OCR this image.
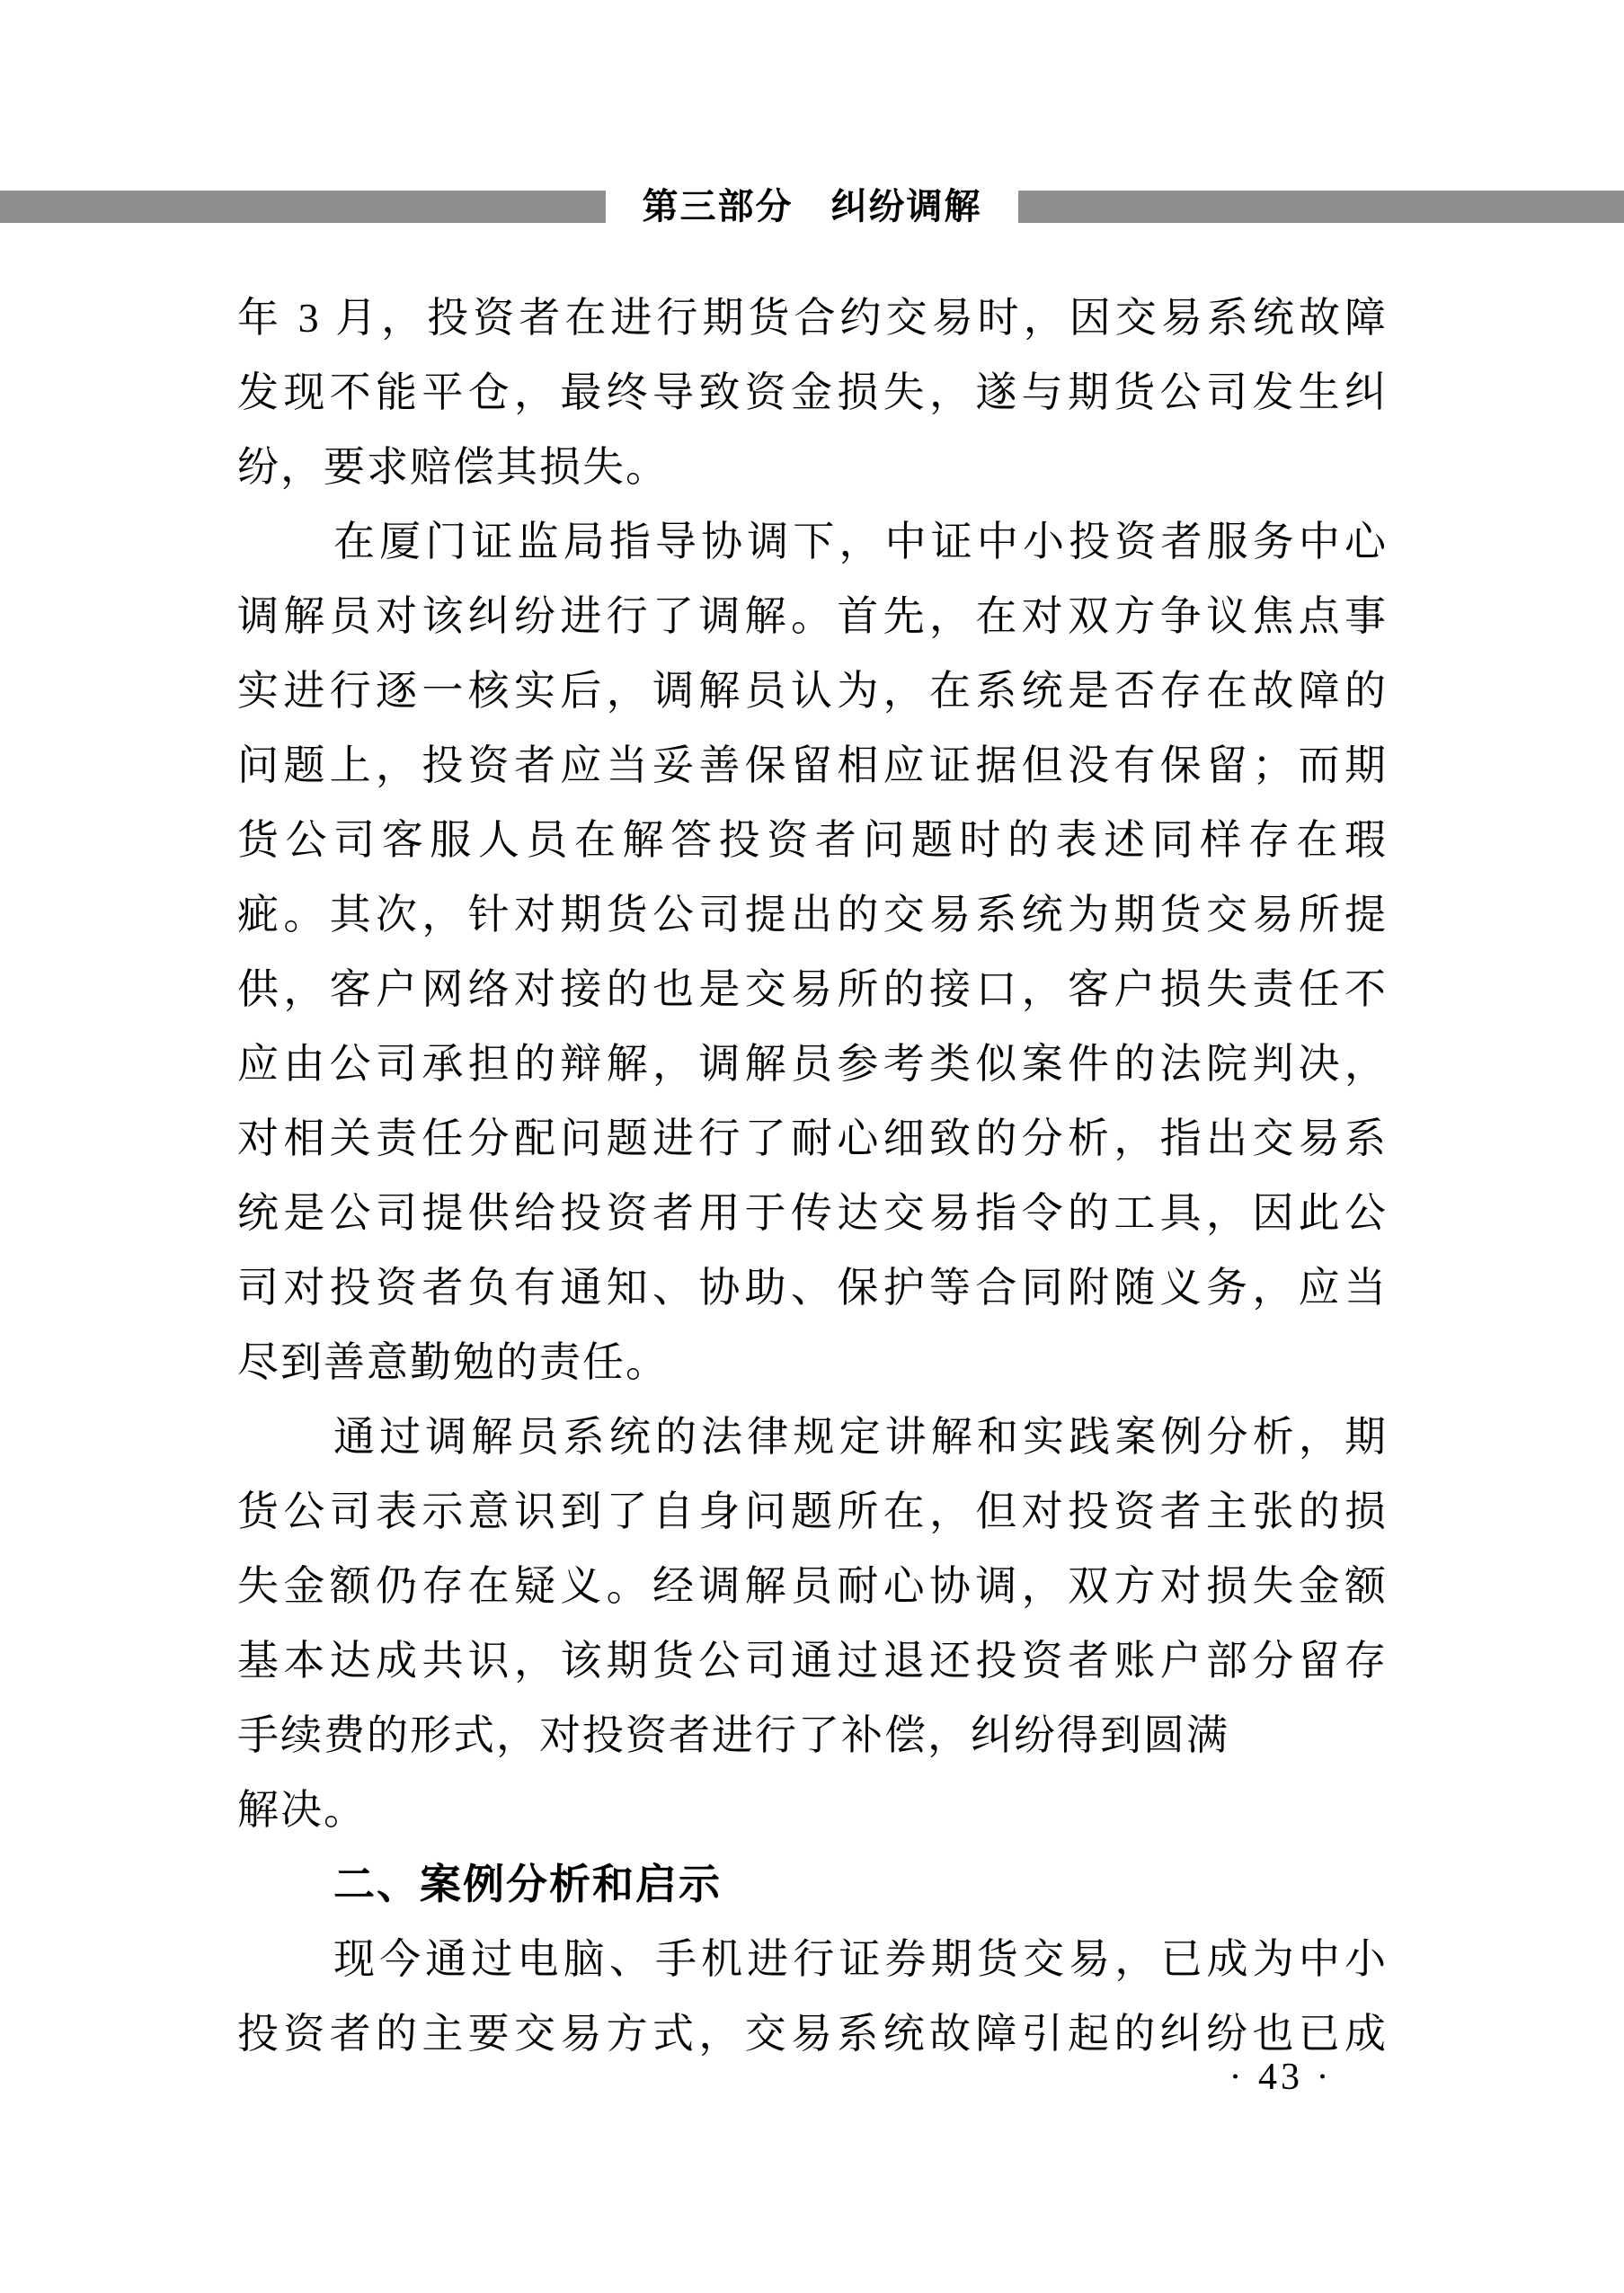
第三部分 纠纷调解
年 3 月，投资者在进行期货合约交易时，因交易系统故障
发现不能平仓，最终导致资金损失，遂与期货公司发生纠
纷，要求赔偿其损失。
在厦门证监局指导协调下，中证中小投资者服务中心
调解员对该纠纷进行了调解。首先，在对双方争议焦点事
实进行逐一核实后，调解员认为，在系统是否存在故障的
问题上，投资者应当妥善保留相应证据但没有保留；而期
货公司客服人员在解答投资者问题时的表述同样存在瑕
疵。其次，针对期货公司提出的交易系统为期货交易所提
供，客户网络对接的也是交易所的接口，客户损失责任不
应由公司承担的辩解，调解员参考类似案件的法院判决，
对相关责任分配问题进行了耐心细致的分析，指出交易系
统是公司提供给投资者用于传达交易指令的工具，因此公
司对投资者负有通知、协助、保护等合同附随义务，应当
尽到善意勤勉的责任。
通过调解员系统的法律规定讲解和实践案例分析，期
货公司表示意识到了自身问题所在，但对投资者主张的损
失金额仍存在疑义。经调解员耐心协调，双方对损失金额
基本达成共识，该期货公司通过退还投资者账户部分留存
手续费的形式，对投资者进行了补偿，纠纷得到圆满
解决。
二、案例分析和启示
现今通过电脑、手机进行证券期货交易，已成为中小
投资者的主要交易方式，交易系统故障引起的纠纷也已成
· 43 ·
